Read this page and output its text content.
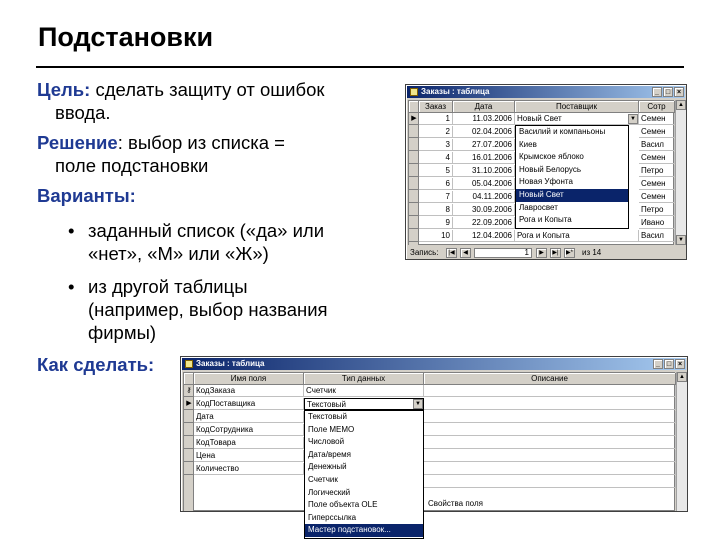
Подстановки
Цель: сделать защиту от ошибок
ввода.
Решение: выбор из списка =
поле подстановки
Варианты:
• заданный список («да» или
«нет», «М» или «Ж»)
• из другой таблицы
(например, выбор названия
фирмы)
Как сделать:
Заказы : таблица	_ □ ×
Заказ	Дата	Поставщик	Сотр
▶	1	11.03.2006 Новый Свет	Семен
2	02.04.2006	Семен
3	27.07.2006	Васил
4	16.01.2006	Семен
5	31.10.2006	Петро
6	05.04.2006	Семен
7	04.11.2006	Семен
8	30.09.2006	Петро
9	22.09.2006	Ивано
10	12.04.2006 Рога и Копыта	Васил
▼
Василий и компаньоны
Киев
Крымское яблоко
Новый Белорусь
Новая Уфонта
Новый Свет
Лавросвет
Рога и Копыта
▲
▼
Запись:	|◀	◀	1	▶	▶|	▶* из 14
Заказы : таблица	_ □ ×
Имя поля	Тип данных	Описание
⚷ КодЗаказа	Счетчик
▶ КодПоставщика	Текстовый	▼
Дата
КодСотрудника
КодТовара
Цена
Количество
Свойства поля
Текстовый
Поле МЕМО
Числовой
Дата/время
Денежный
Счетчик
Логический
Поле объекта OLE
Гиперссылка
Мастер подстановок...
▲
